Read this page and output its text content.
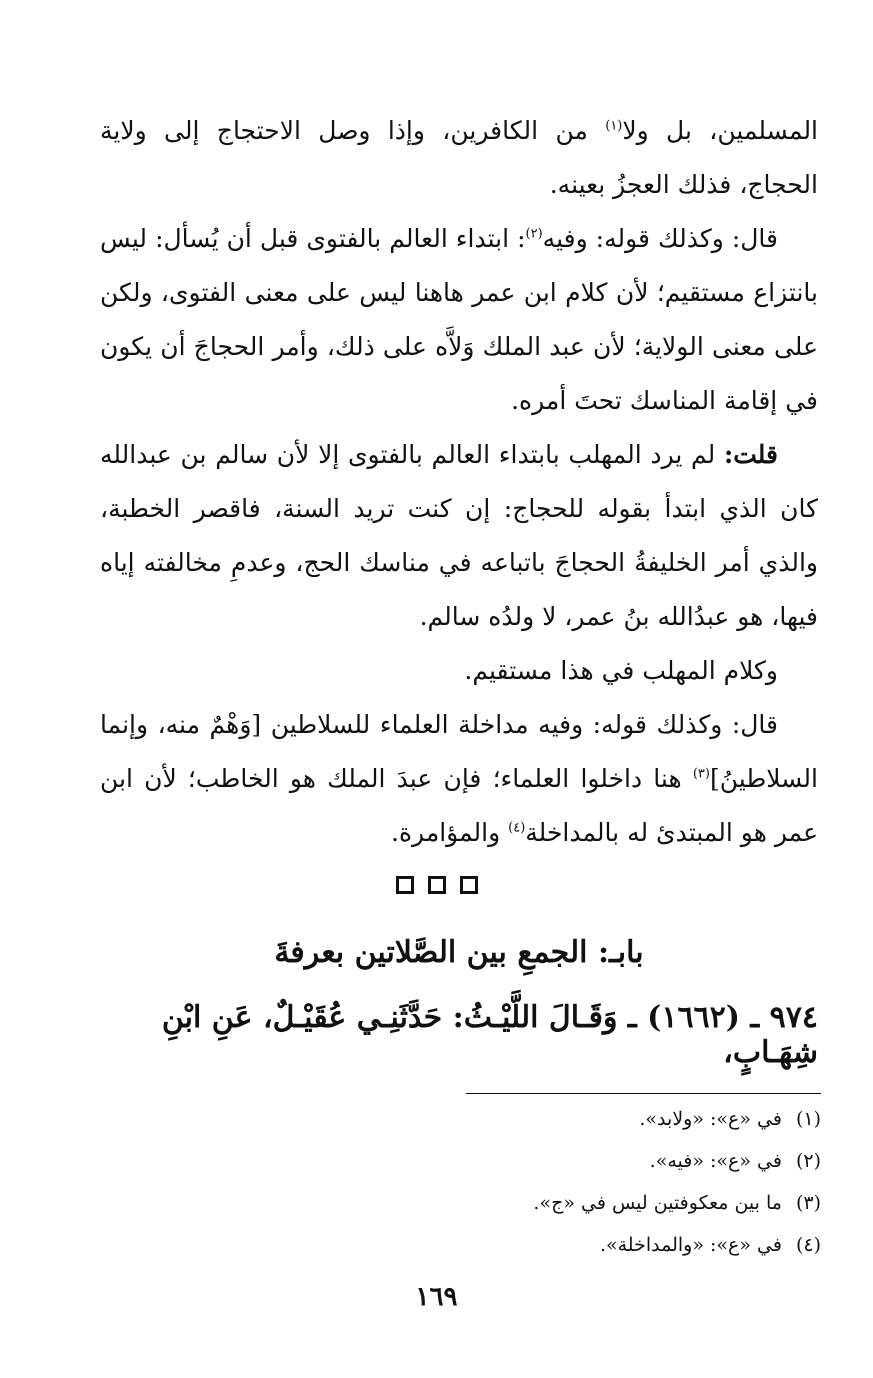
المسلمين، بل ولا$^{(١)}$ من الكافرين، وإذا وصل الاحتجاج إلى ولاية الحجاج، فذلك العجزُ بعينه.

قال: وكذلك قوله: وفيه$^{(٢)}$: ابتداء العالم بالفتوى قبل أن يُسأل: ليس بانتزاع مستقيم؛ لأن كلام ابن عمر هاهنا ليس على معنى الفتوى، ولكن على معنى الولاية؛ لأن عبد الملك وَلاَّه على ذلك، وأمر الحجاجَ أن يكون في إقامة المناسك تحتَ أمره.

قلت: لم يرد المهلب بابتداء العالم بالفتوى إلا لأن سالم بن عبدالله كان الذي ابتدأ بقوله للحجاج: إن كنت تريد السنة، فاقصر الخطبة، والذي أمر الخليفةُ الحجاجَ باتباعه في مناسك الحج، وعدمِ مخالفته إياه فيها، هو عبدُالله بنُ عمر، لا ولدُه سالم.

وكلام المهلب في هذا مستقيم.

قال: وكذلك قوله: وفيه مداخلة العلماء للسلاطين [وَهْمٌ منه، وإنما السلاطينُ]$^{(٣)}$ هنا داخلوا العلماء؛ فإن عبدَ الملك هو الخاطب؛ لأن ابن عمر هو المبتدئ له بالمداخلة$^{(٤)}$ والمؤامرة.

بابـ: الجمعِ بين الصَّلاتين بعرفةَ
٩٧٤ ـ (١٦٦٢) ـ وَقَـالَ اللَّيْـثُ: حَدَّثَنِـي عُقَيْـلٌ، عَنِ ابْنِ شِهَـابٍ،
(١)في «ع»: «ولابد».
(٢)في «ع»: «فيه».
(٣)ما بين معكوفتين ليس في «ج».
(٤)في «ع»: «والمداخلة».
١٦٩
